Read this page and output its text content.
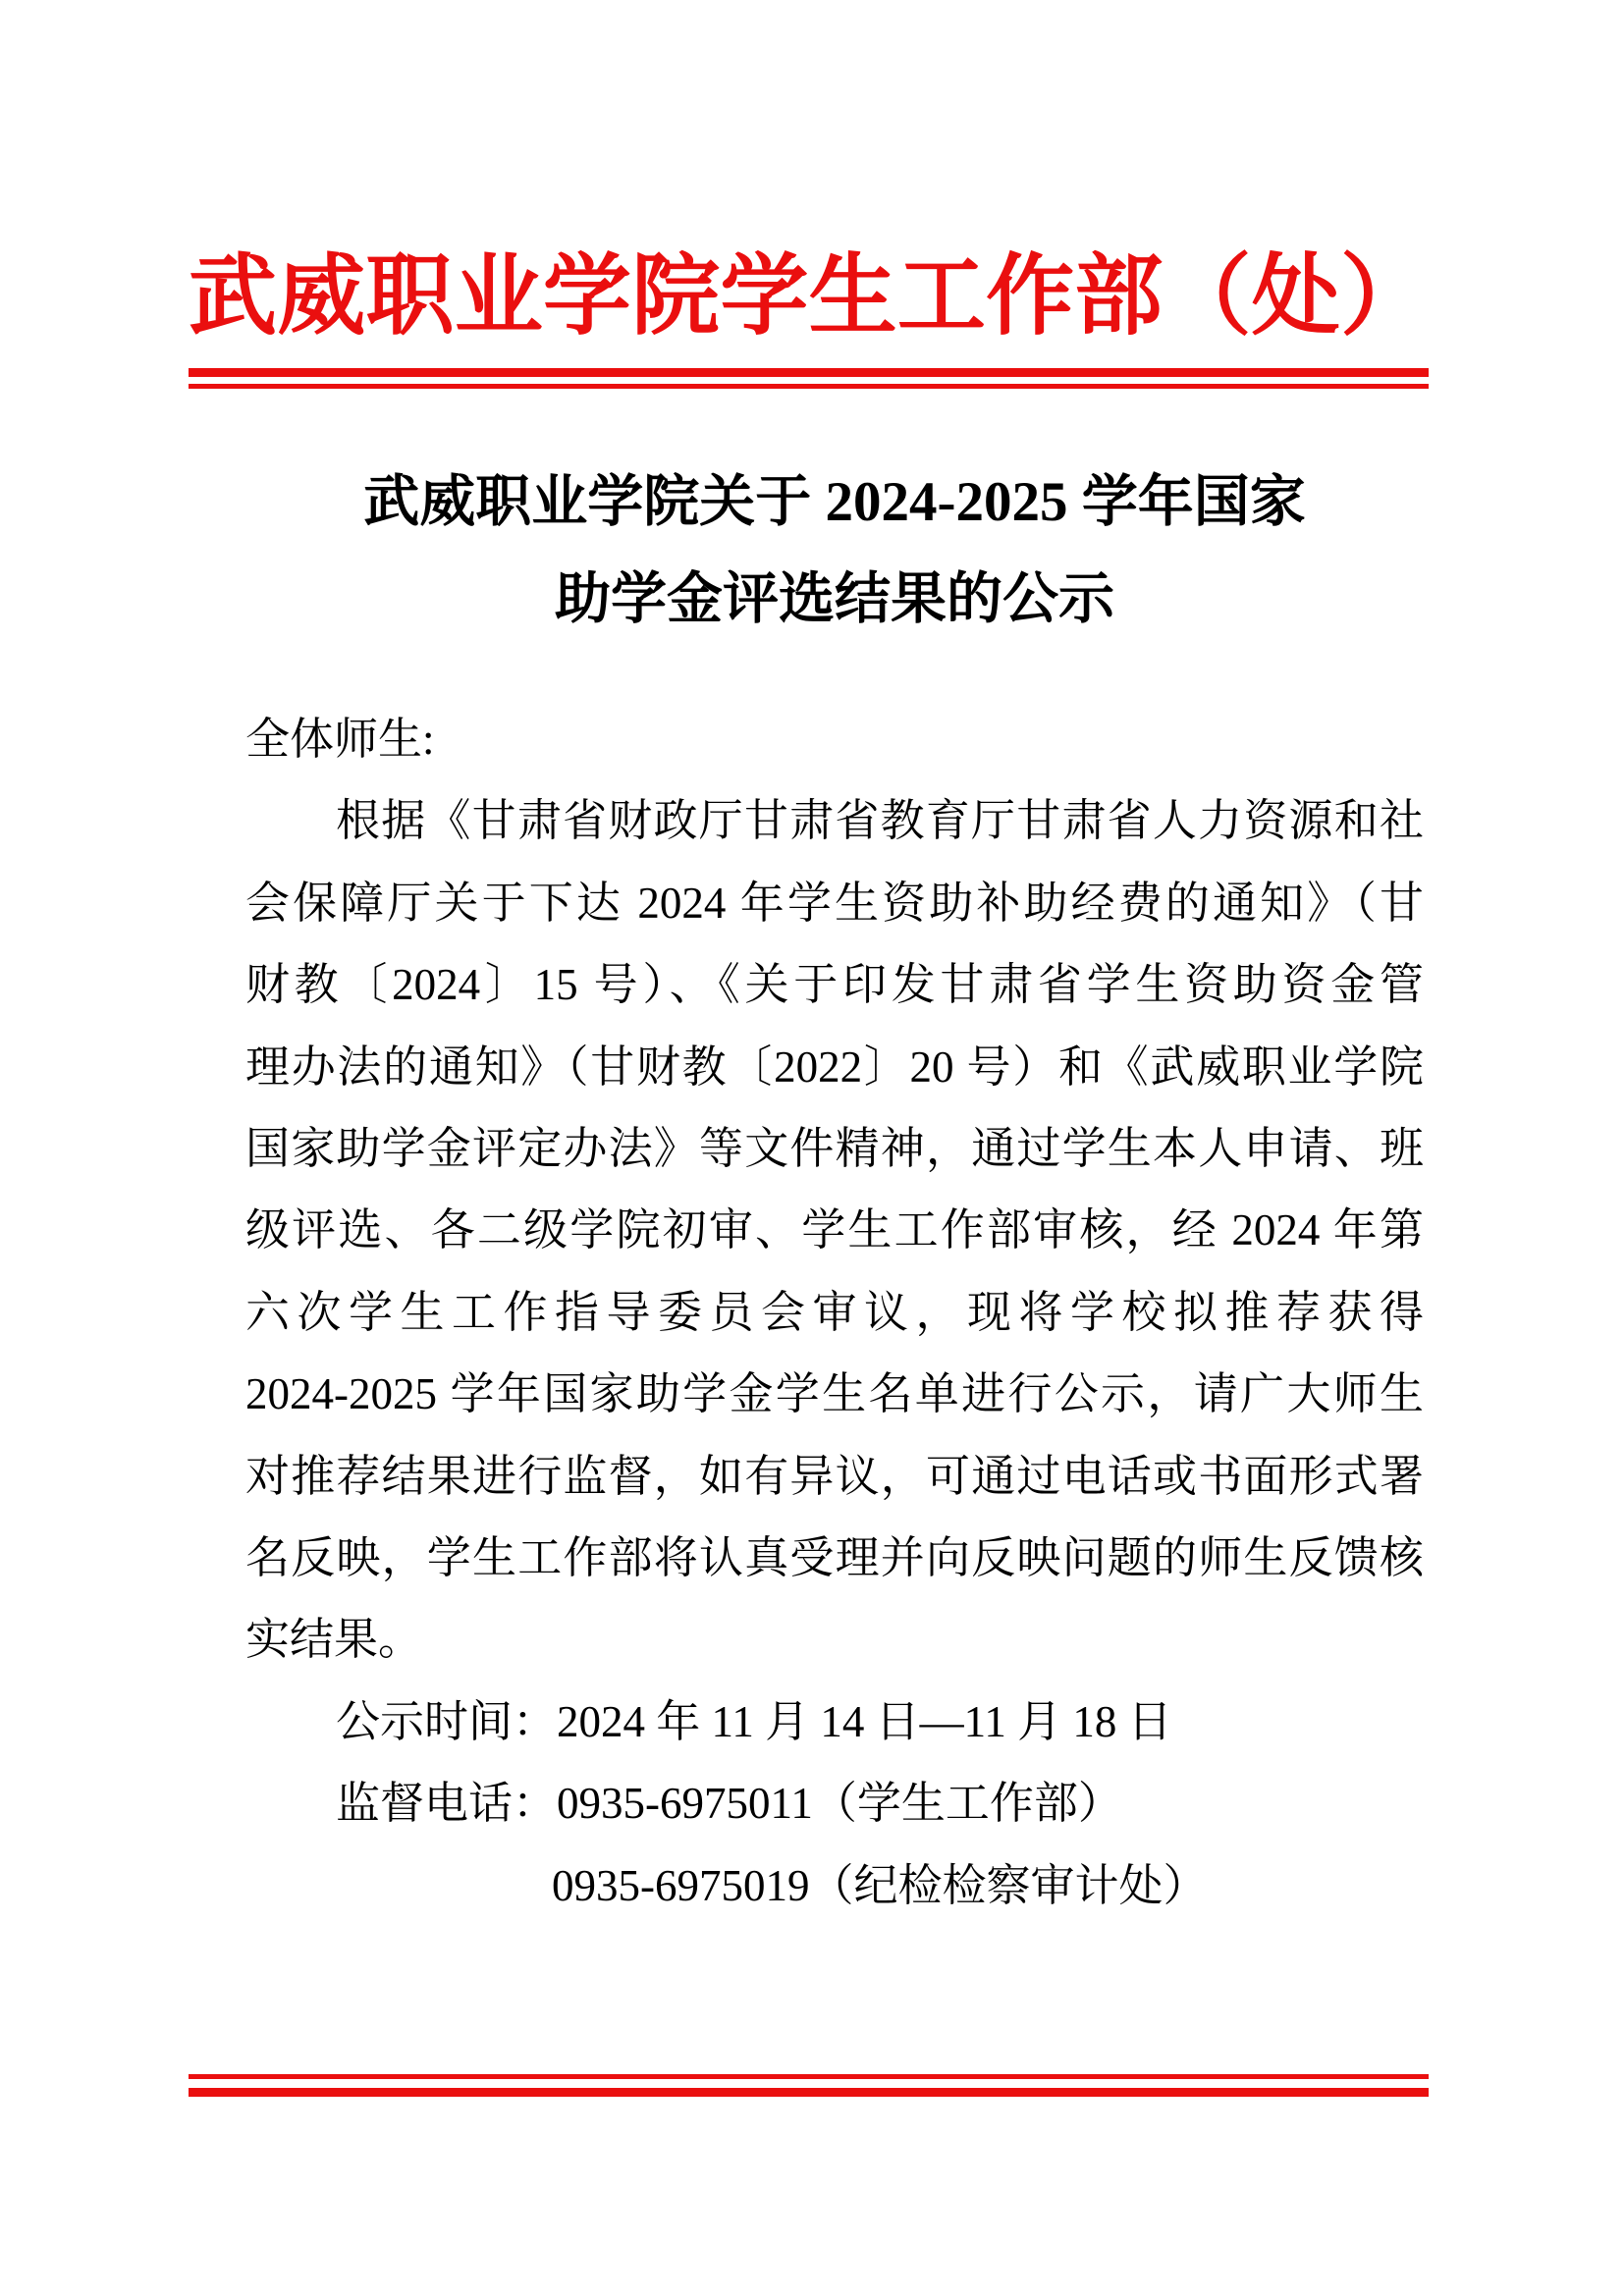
武威职业学院学生工作部（处）
武威职业学院关于 2024-2025 学年国家
助学金评选结果的公示
全体师生:
根据《甘肃省财政厅甘肃省教育厅甘肃省人力资源和社
会保障厅关于下达 2024 年学生资助补助经费的通知》（甘
财教〔2024〕15 号）、《关于印发甘肃省学生资助资金管
理办法的通知》（甘财教〔2022〕20 号）和《武威职业学院
国家助学金评定办法》等文件精神，通过学生本人申请、班
级评选、各二级学院初审、学生工作部审核，经 2024 年第
六次学生工作指导委员会审议，现将学校拟推荐获得
2024-2025 学年国家助学金学生名单进行公示，请广大师生
对推荐结果进行监督，如有异议，可通过电话或书面形式署
名反映，学生工作部将认真受理并向反映问题的师生反馈核
实结果。
公示时间：2024 年 11 月 14 日—11 月 18 日
监督电话：0935-6975011（学生工作部）
0935-6975019（纪检检察审计处）
